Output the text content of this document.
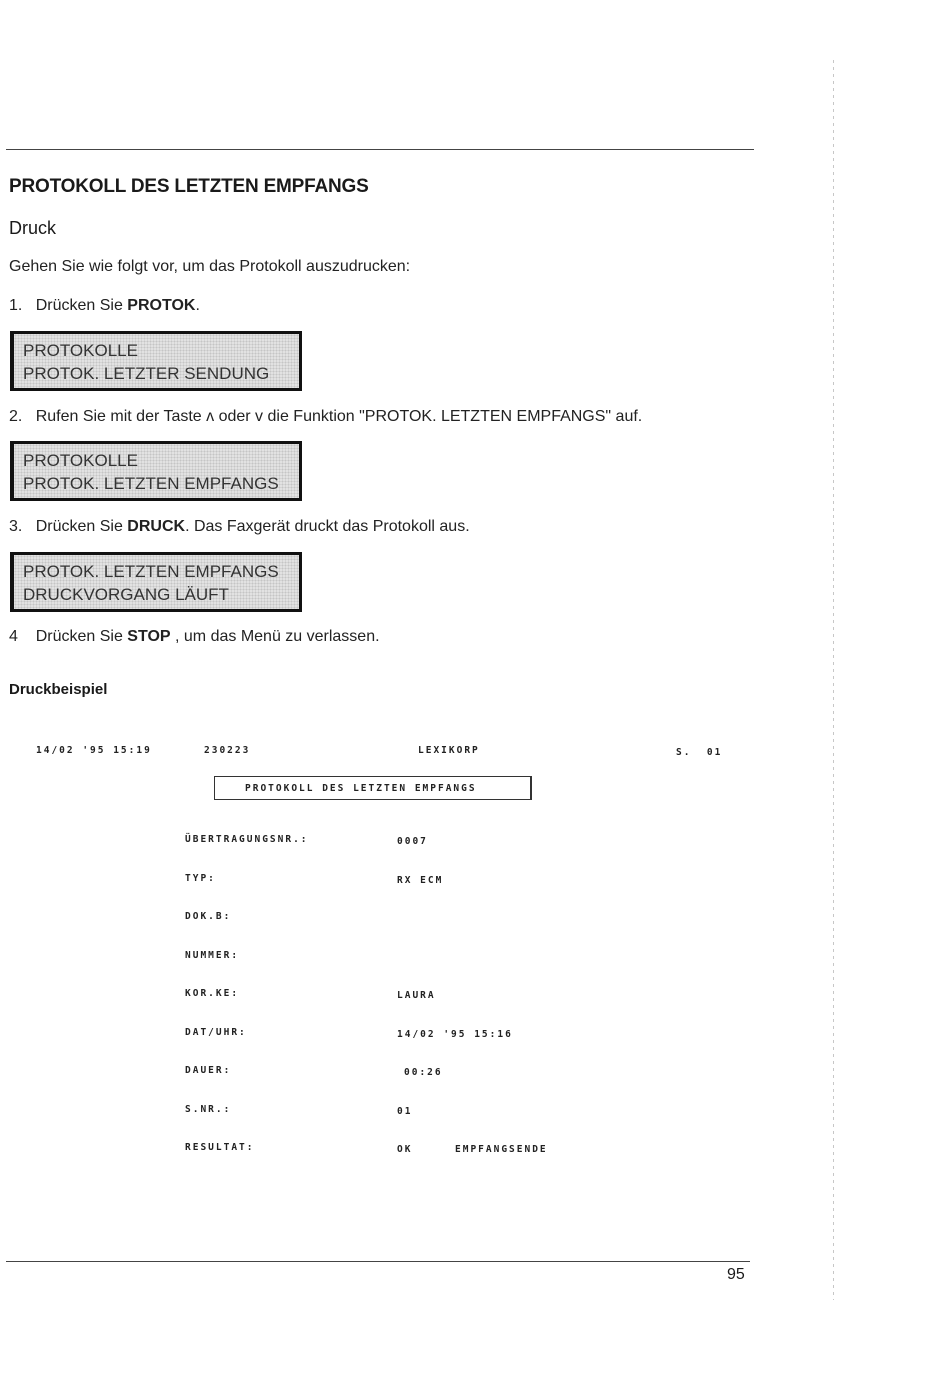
PROTOKOLL DES LETZTEN EMPFANGS
Druck
Gehen Sie wie folgt vor, um das Protokoll auszudrucken:
1. Drücken Sie PROTOK.
PROTOKOLLE
PROTOK. LETZTER SENDUNG
2. Rufen Sie mit der Taste ʌ oder v die Funktion "PROTOK. LETZTEN EMPFANGS" auf.
PROTOKOLLE
PROTOK. LETZTEN EMPFANGS
3. Drücken Sie DRUCK. Das Faxgerät druckt das Protokoll aus.
PROTOK. LETZTEN EMPFANGS
DRUCKVORGANG LÄUFT
4 Drücken Sie STOP , um das Menü zu verlassen.
Druckbeispiel
14/02 '95 15:19	230223	LEXIKORP	S.  01
PROTOKOLL DES LETZTEN EMPFANGS
ÜBERTRAGUNGSNR.:	0007
TYP:	RX ECM
DOK.B:
NUMMER:
KOR.KE:	LAURA
DAT/UHR:	14/02 '95 15:16
DAUER:	00:26
S.NR.:	01
RESULTAT:	OK	EMPFANGSENDE
95
